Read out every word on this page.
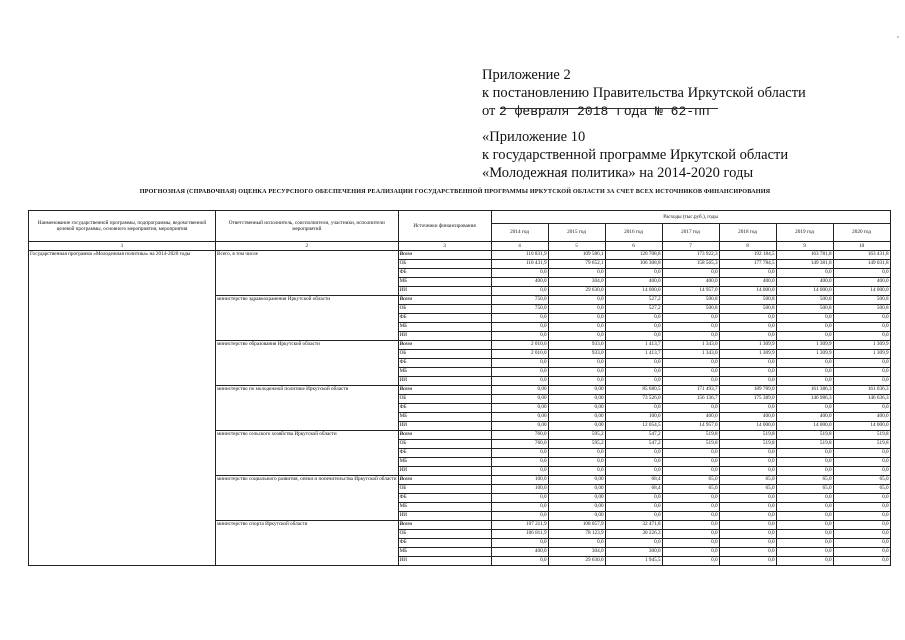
Приложение 2
к постановлению Правительства Иркутской области
от 2 февраля 2018 года № 62-пп
«Приложение 10
к государственной программе Иркутской области
«Молодежная политика» на 2014-2020 годы
ПРОГНОЗНАЯ (СПРАВОЧНАЯ) ОЦЕНКА РЕСУРСНОГО ОБЕСПЕЧЕНИЯ РЕАЛИЗАЦИИ ГОСУДАРСТВЕННОЙ ПРОГРАММЫ ИРКУТСКОЙ ОБЛАСТИ ЗА СЧЕТ ВСЕХ ИСТОЧНИКОВ ФИНАНСИРОВАНИЯ
Наименование государственной программы, подпрограммы, ведомственной целевой программы, основного мероприятия, мероприятия	Ответственный исполнитель, соисполнители, участники, исполнители мероприятий	Источники финансирования	Расходы (тыс.руб.), годы						
			2014 год	2015 год	2016 год	2017 год	2018 год	2019 год	2020 год
1	2	3	4	5	6	7	8	9	10
Государственная программа «Молодежная политика» на 2014-2020 годы	Всего, в том числе	Всего	110 831,9	109 586,1	120 708,8	173 922,3	192 184,5	163 781,8	163 431,8
		ОБ	110 431,9	79 652,1	106 308,8	158 565,3	177 784,5	149 381,8	149 031,8
		ФБ	0,0	0,0	0,0	0,0	0,0	0,0	0,0
		МБ	400,0	304,0	400,0	400,0	400,0	400,0	400,0
		ИИ	0,0	29 630,0	14 000,0	14 957,0	14 000,0	14 000,0	14 000,0
	министерство здравоохранения Иркутской области	Всего	750,0	0,0	527,2	500,8	500,8	500,8	500,8
		ОБ	750,0	0,0	527,2	500,8	500,8	500,8	500,8
		ФБ	0,0	0,0	0,0	0,0	0,0	0,0	0,0
		МБ	0,0	0,0	0,0	0,0	0,0	0,0	0,0
		ИИ	0,0	0,0	0,0	0,0	0,0	0,0	0,0
	министерство образования Иркутской области	Всего	2 010,0	933,0	1 413,7	1 343,0	1 309,9	1 309,9	1 309,9
		ОБ	2 010,0	933,0	1 413,7	1 343,0	1 309,9	1 309,9	1 309,9
		ФБ	0,0	0,0	0,0	0,0	0,0	0,0	0,0
		МБ	0,0	0,0	0,0	0,0	0,0	0,0	0,0
		ИИ	0,0	0,0	0,0	0,0	0,0	0,0	0,0
	министерство по молодежной политике Иркутской области	Всего	0,00	0,00	85 680,5	171 493,7	189 789,0	161 386,3	161 036,3
		ОБ	0,00	0,00	73 526,0	156 136,7	175 389,0	146 986,3	146 636,3
		ФБ	0,00	0,00	0,0	0,0	0,0	0,0	0,0
		МБ	0,00	0,00	100,0	400,0	400,0	400,0	400,0
		ИИ	0,00	0,00	12 054,5	14 957,0	14 000,0	14 000,0	14 000,0
	министерство сельского хозяйства Иркутской области	Всего	760,0	595,2	547,2	519,8	519,8	519,8	519,8
		ОБ	760,0	595,2	547,2	519,8	519,8	519,8	519,8
		ФБ	0,0	0,0	0,0	0,0	0,0	0,0	0,0
		МБ	0,0	0,0	0,0	0,0	0,0	0,0	0,0
		ИИ	0,0	0,0	0,0	0,0	0,0	0,0	0,0
	министерство социального развития, опеки и попечительства Иркутской области	Всего	100,0	0,00	68,4	65,0	65,0	65,0	65,0
		ОБ	100,0	0,00	68,4	65,0	65,0	65,0	65,0
		ФБ	0,0	0,00	0,0	0,0	0,0	0,0	0,0
		МБ	0,0	0,00	0,0	0,0	0,0	0,0	0,0
		ИИ	0,0	0,00	0,0	0,0	0,0	0,0	0,0
	министерство спорта Иркутской области	Всего	107 211,9	108 057,9	32 471,8	0,0	0,0	0,0	0,0
		ОБ	106 811,9	78 123,9	30 226,3	0,0	0,0	0,0	0,0
		ФБ	0,0	0,0	0,0	0,0	0,0	0,0	0,0
		МБ	400,0	304,0	300,0	0,0	0,0	0,0	0,0
		ИИ	0,0	29 630,0	1 945,5	0,0	0,0	0,0	0,0
,
